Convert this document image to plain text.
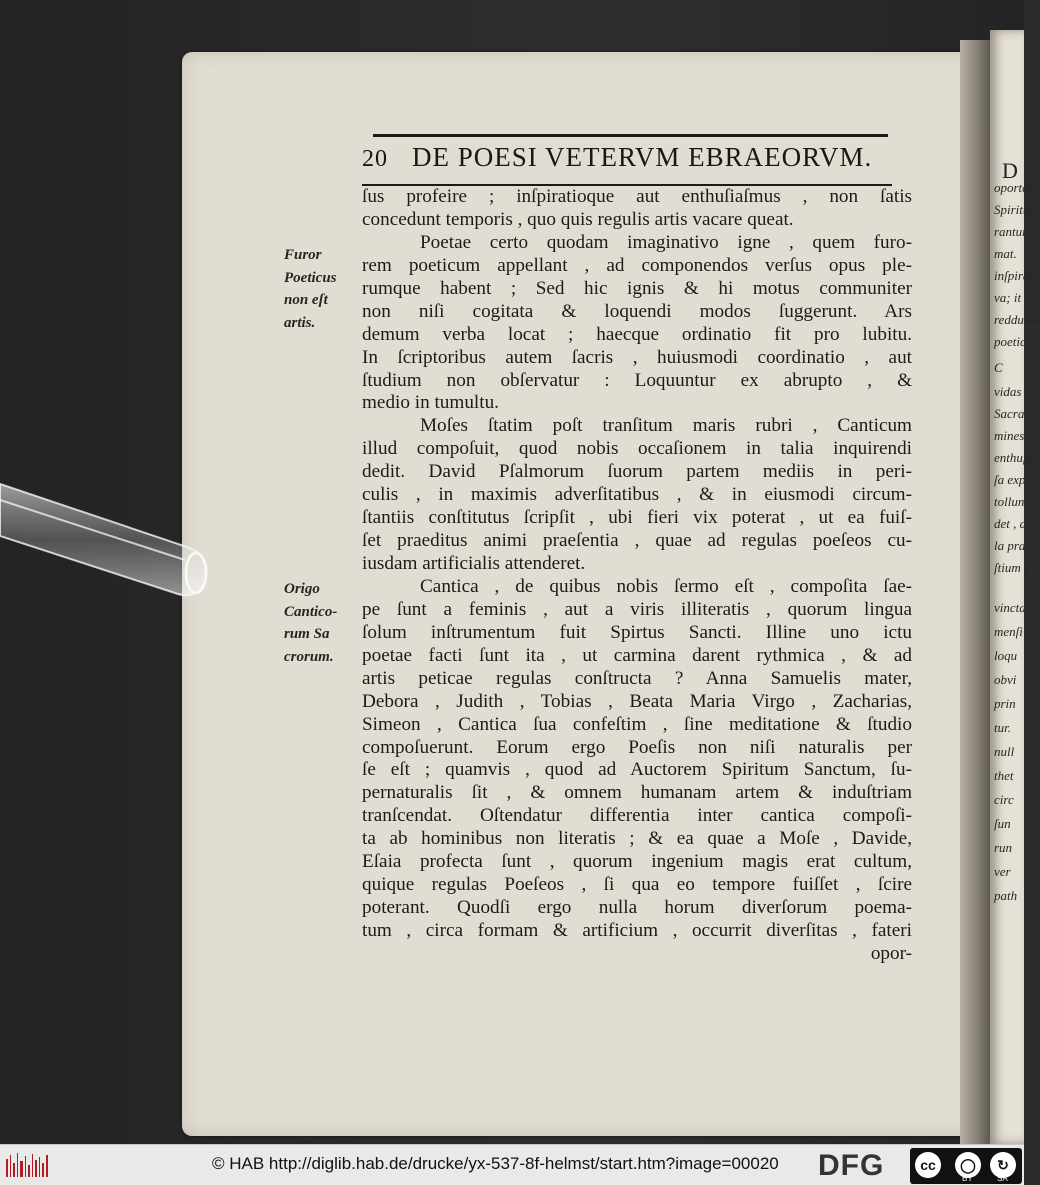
D
oportet
Spiritus
rantur
mat.
inſpirat
va; it
redduntu
poetica
C
vidas ,
Sacrae
mines ,
enthuſia
ſa expr
tollun
det , a
la prae
ſtium ſ
vincta
menſi
loqu
obvi
prin
tur.
null
thet
circ
ſun
run
ver
path
20 DE POESI VETERVM EBRAEORVM.
ſus profeire ; inſpiratioque aut enthuſiaſmus , non ſatis
concedunt temporis , quo quis regulis artis vacare queat.
Poetae certo quodam imaginativo igne , quem furo-
rem poeticum appellant , ad componendos verſus opus ple-
rumque habent ; Sed hic ignis & hi motus communiter
non niſi cogitata & loquendi modos ſuggerunt. Ars
demum verba locat ; haecque ordinatio fit pro lubitu.
In ſcriptoribus autem ſacris , huiusmodi coordinatio , aut
ſtudium non obſervatur : Loquuntur ex abrupto , &
medio in tumultu.
Moſes ſtatim poſt tranſitum maris rubri , Canticum
illud compoſuit, quod nobis occaſionem in talia inquirendi
dedit. David Pſalmorum ſuorum partem mediis in peri-
culis , in maximis adverſitatibus , & in eiusmodi circum-
ſtantiis conſtitutus ſcripſit , ubi fieri vix poterat , ut ea fuiſ-
ſet praeditus animi praeſentia , quae ad regulas poeſeos cu-
iusdam artificialis attenderet.
Cantica , de quibus nobis ſermo eſt , compoſita ſae-
pe ſunt a feminis , aut a viris illiteratis , quorum lingua
ſolum inſtrumentum fuit Spirtus Sancti. Illine uno ictu
poetae facti ſunt ita , ut carmina darent rythmica , & ad
artis peticae regulas conſtructa ? Anna Samuelis mater,
Debora , Judith , Tobias , Beata Maria Virgo , Zacharias,
Simeon , Cantica ſua confeſtim , ſine meditatione & ſtudio
compoſuerunt. Eorum ergo Poeſis non niſi naturalis per
ſe eſt ; quamvis , quod ad Auctorem Spiritum Sanctum, ſu-
pernaturalis ſit , & omnem humanam artem & induſtriam
tranſcendat. Oſtendatur differentia inter cantica compoſi-
ta ab hominibus non literatis ; & ea quae a Moſe , Davide,
Eſaia profecta ſunt , quorum ingenium magis erat cultum,
quique regulas Poeſeos , ſi qua eo tempore fuiſſet , ſcire
poterant. Quodſi ergo nulla horum diverſorum poema-
tum , circa formam & artificium , occurrit diverſitas , fateri
opor-
Furor
Poeticus
non eſt
artis.
Origo
Cantico-
rum Sa
crorum.
© HAB http://diglib.hab.de/drucke/yx-537-8f-helmst/start.htm?image=00020 DFG	cc	◯	↻
BY	SA
